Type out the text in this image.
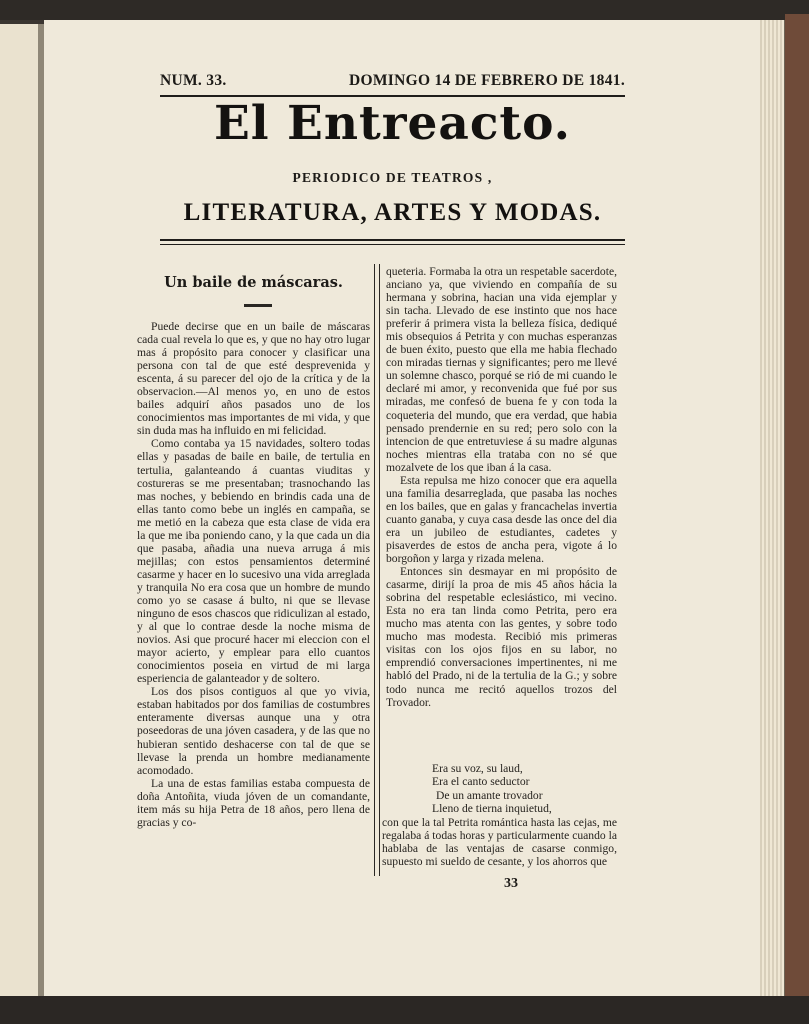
NUM. 33.	DOMINGO 14 DE FEBRERO DE 1841.
El Entreacto.
PERIODICO DE TEATROS ,
LITERATURA, ARTES Y MODAS.
Un baile de máscaras.

Puede decirse que en un baile de máscaras cada cual revela lo que es, y que no hay otro lugar mas á propósito para conocer y clasificar una persona con tal de que esté desprevenida y escenta, á su parecer del ojo de la crítica y de la observacion.—Al menos yo, en uno de estos bailes adquirí años pasados uno de los conocimientos mas importantes de mi vida, y que sin duda mas ha influido en mi felicidad.

Como contaba ya 15 navidades, soltero todas ellas y pasadas de baile en baile, de tertulia en tertulia, galanteando á cuantas viuditas y costureras se me presentaban; trasnochando las mas noches, y bebiendo en brindis cada una de ellas tanto como bebe un inglés en campaña, se me metió en la cabeza que esta clase de vida era la que me iba poniendo cano, y la que cada un dia que pasaba, añadia una nueva arruga á mis mejillas; con estos pensamientos determiné casarme y hacer en lo sucesivo una vida arreglada y tranquila No era cosa que un hombre de mundo como yo se casase á bulto, ni que se llevase ninguno de esos chascos que ridiculizan al estado, y al que lo contrae desde la noche misma de novios. Asi que procuré hacer mi eleccion con el mayor acierto, y emplear para ello cuantos conocimientos poseia en virtud de mi larga esperiencia de galanteador y de soltero.

Los dos pisos contiguos al que yo vivia, estaban habitados por dos familias de costumbres enteramente diversas aunque una y otra poseedoras de una jóven casadera, y de las que no hubieran sentido deshacerse con tal de que se llevase la prenda un hombre medianamente acomodado.

La una de estas familias estaba compuesta de doña Antoñita, viuda jóven de un comandante, item más su hija Petra de 18 años, pero llena de gracias y co-

queteria. Formaba la otra un respetable sacerdote, anciano ya, que viviendo en compañía de su hermana y sobrina, hacian una vida ejemplar y sin tacha. Llevado de ese instinto que nos hace preferir á primera vista la belleza física, dediqué mis obsequios á Petrita y con muchas esperanzas de buen éxito, puesto que ella me habia flechado con miradas tiernas y significantes; pero me llevé un solemne chasco, porqué se rió de mi cuando le declaré mi amor, y reconvenida que fué por sus miradas, me confesó de buena fe y con toda la coqueteria del mundo, que era verdad, que habia pensado prendernie en su red; pero solo con la intencion de que entretuviese á su madre algunas noches mientras ella trataba con no sé que mozalvete de los que iban á la casa.

Esta repulsa me hizo conocer que era aquella una familia desarreglada, que pasaba las noches en los bailes, que en galas y francachelas invertia cuanto ganaba, y cuya casa desde las once del dia era un jubileo de estudiantes, cadetes y pisaverdes de estos de ancha pera, vigote á lo borgoñon y larga y rizada melena.

Entonces sin desmayar en mi propósito de casarme, dirijí la proa de mis 45 años hácia la sobrina del respetable eclesiástico, mi vecino. Esta no era tan linda como Petrita, pero era mucho mas atenta con las gentes, y sobre todo mucho mas modesta. Recibió mis primeras visitas con los ojos fijos en su labor, no emprendió conversaciones impertinentes, ni me habló del Prado, ni de la tertulia de la G.; y sobre todo nunca me recitó aquellos trozos del Trovador.

Era su voz, su laud,
Era el canto seductor
De un amante trovador
Lleno de tierna inquietud,

con que la tal Petrita romántica hasta las cejas, me regalaba á todas horas y particularmente cuando la hablaba de las ventajas de casarse conmigo, supuesto mi sueldo de cesante, y los ahorros que

33
